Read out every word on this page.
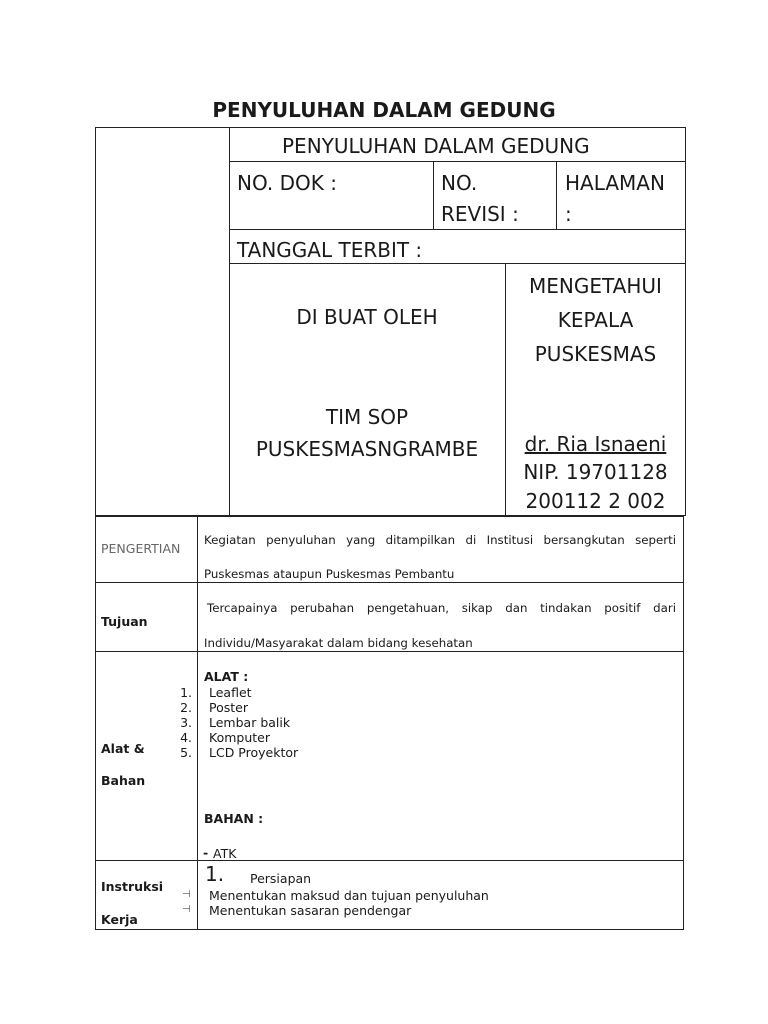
PENYULUHAN DALAM GEDUNG
PENYULUHAN DALAM GEDUNG
NO. DOK :	NO.
REVISI :
HALAMAN
:
TANGGAL TERBIT :
DI BUAT OLEH
TIM SOP
PUSKESMASNGRAMBE
MENGETAHUI
KEPALA
PUSKESMAS
dr. Ria Isnaeni
NIP. 19701128
200112 2 002
PENGERTIAN
Kegiatan penyuluhan yang ditampilkan di Institusi bersangkutan seperti
Puskesmas ataupun Puskesmas Pembantu
Tujuan
Tercapainya perubahan pengetahuan, sikap dan tindakan positif dari
Individu/Masyarakat dalam bidang kesehatan
Alat &
Bahan
ALAT :
1. Leaflet
2. Poster
3. Lembar balik
4. Komputer
5. LCD Proyektor
BAHAN :
- ATK
Instruksi
Kerja
1. Persiapan
⊣ Menentukan maksud dan tujuan penyuluhan
⊣ Menentukan sasaran pendengar
